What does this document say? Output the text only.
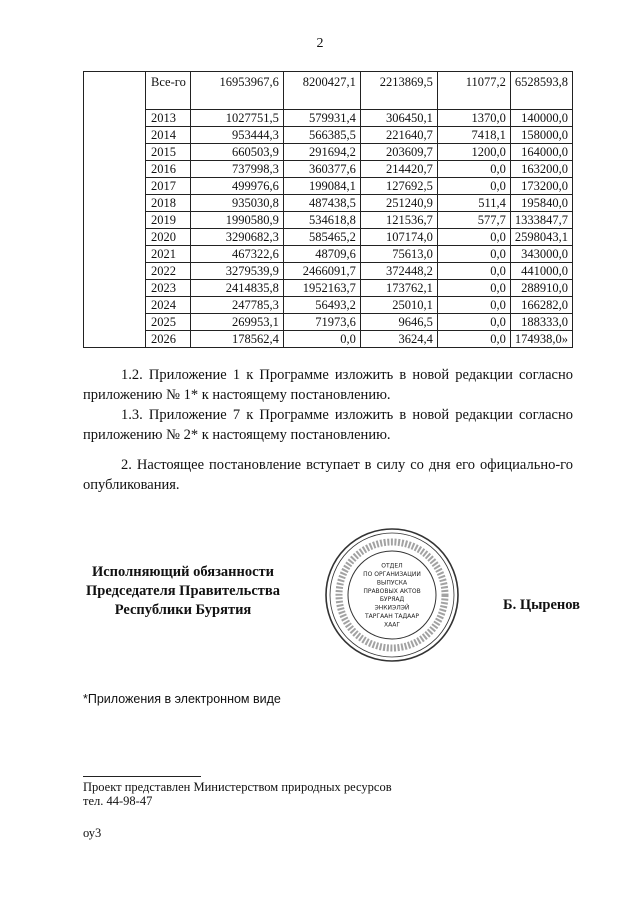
2
	Все-го	16953967,6	8200427,1	2213869,5	11077,2	6528593,8
	2013	1027751,5	579931,4	306450,1	1370,0	140000,0
	2014	953444,3	566385,5	221640,7	7418,1	158000,0
	2015	660503,9	291694,2	203609,7	1200,0	164000,0
	2016	737998,3	360377,6	214420,7	0,0	163200,0
	2017	499976,6	199084,1	127692,5	0,0	173200,0
	2018	935030,8	487438,5	251240,9	511,4	195840,0
	2019	1990580,9	534618,8	121536,7	577,7	1333847,7
	2020	3290682,3	585465,2	107174,0	0,0	2598043,1
	2021	467322,6	48709,6	75613,0	0,0	343000,0
	2022	3279539,9	2466091,7	372448,2	0,0	441000,0
	2023	2414835,8	1952163,7	173762,1	0,0	288910,0
	2024	247785,3	56493,2	25010,1	0,0	166282,0
	2025	269953,1	71973,6	9646,5	0,0	188333,0
	2026	178562,4	0,0	3624,4	0,0	174938,0»
1.2. Приложение 1 к Программе изложить в новой редакции согласно приложению № 1* к настоящему постановлению.
1.3. Приложение 7 к Программе изложить в новой редакции согласно приложению № 2* к настоящему постановлению.
2. Настоящее постановление вступает в силу со дня его официально-го опубликования.
Исполняющий обязанности
Председателя Правительства
Республики Бурятия
ОТДЕЛ
ПО ОРГАНИЗАЦИИ
ВЫПУСКА
ПРАВОВЫХ АКТОВ
БУРЯАД
ЭНКИЭЛЭЙ
ТАРГААН ТАДААР
ХААГ
Б. Цыренов
*Приложения в электронном виде
Проект представлен Министерством природных ресурсов
тел. 44-98-47
оу3
